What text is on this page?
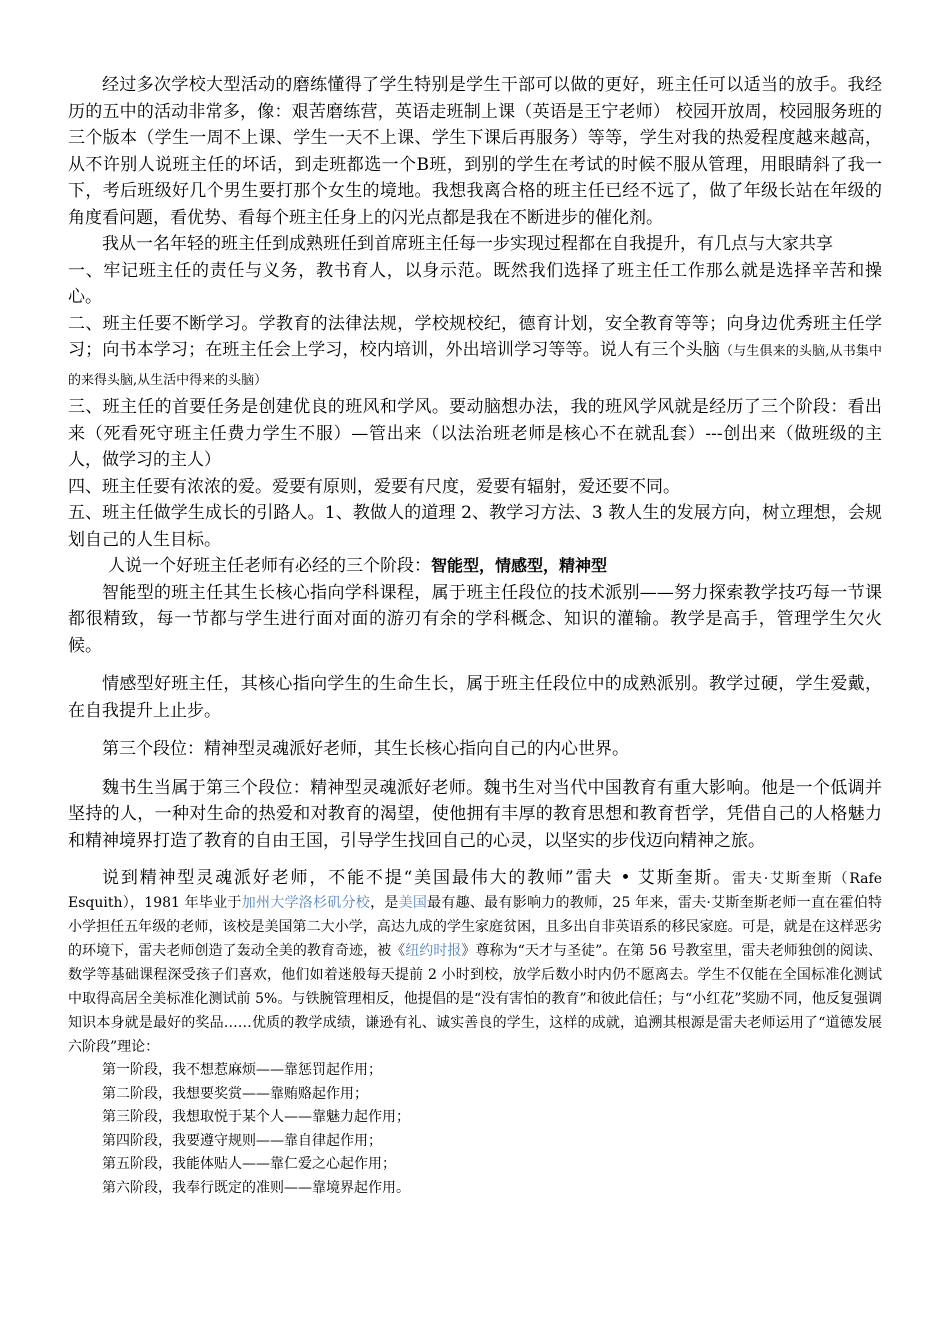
经过多次学校大型活动的磨练懂得了学生特别是学生干部可以做的更好，班主任可以适当的放手。我经历的五中的活动非常多，像：艰苦磨练营，英语走班制上课（英语是王宁老师） 校园开放周，校园服务班的三个版本（学生一周不上课、学生一天不上课、学生下课后再服务）等等，学生对我的热爱程度越来越高，从不许别人说班主任的坏话，到走班都选一个B班，到别的学生在考试的时候不服从管理，用眼睛斜了我一下，考后班级好几个男生要打那个女生的境地。我想我离合格的班主任已经不远了，做了年级长站在年级的角度看问题，看优势、看每个班主任身上的闪光点都是我在不断进步的催化剂。

我从一名年轻的班主任到成熟班任到首席班主任每一步实现过程都在自我提升，有几点与大家共享

一、牢记班主任的责任与义务，教书育人，以身示范。既然我们选择了班主任工作那么就是选择辛苦和操心。

二、班主任要不断学习。学教育的法律法规，学校规校纪，德育计划，安全教育等等；向身边优秀班主任学习；向书本学习；在班主任会上学习，校内培训，外出培训学习等等。说人有三个头脑（与生俱来的头脑,从书集中的来得头脑,从生活中得来的头脑）

三、班主任的首要任务是创建优良的班风和学风。要动脑想办法，我的班风学风就是经历了三个阶段：看出来（死看死守班主任费力学生不服）—管出来（以法治班老师是核心不在就乱套）---创出来（做班级的主人，做学习的主人）

四、班主任要有浓浓的爱。爱要有原则，爱要有尺度，爱要有辐射，爱还要不同。

五、班主任做学生成长的引路人。1、教做人的道理 2、教学习方法、3 教人生的发展方向，树立理想，会规划自己的人生目标。

人说一个好班主任老师有必经的三个阶段：智能型，情感型，精神型

智能型的班主任其生长核心指向学科课程，属于班主任段位的技术派别——努力探索教学技巧每一节课都很精致，每一节都与学生进行面对面的游刃有余的学科概念、知识的灌输。教学是高手，管理学生欠火候。

情感型好班主任，其核心指向学生的生命生长，属于班主任段位中的成熟派别。教学过硬，学生爱戴，在自我提升上止步。

第三个段位：精神型灵魂派好老师，其生长核心指向自己的内心世界。

魏书生当属于第三个段位：精神型灵魂派好老师。魏书生对当代中国教育有重大影响。他是一个低调并坚持的人，一种对生命的热爱和对教育的渴望，使他拥有丰厚的教育思想和教育哲学，凭借自己的人格魅力和精神境界打造了教育的自由王国，引导学生找回自己的心灵，以坚实的步伐迈向精神之旅。

说到精神型灵魂派好老师，不能不提“美国最伟大的教师”雷夫 • 艾斯奎斯。雷夫·艾斯奎斯（Rafe Esquith），1981 年毕业于加州大学洛杉矶分校，是美国最有趣、最有影响力的教师，25 年来，雷夫·艾斯奎斯老师一直在霍伯特小学担任五年级的老师，该校是美国第二大小学，高达九成的学生家庭贫困，且多出自非英语系的移民家庭。可是，就是在这样恶劣的环境下，雷夫老师创造了轰动全美的教育奇迹，被《纽约时报》尊称为“天才与圣徒”。在第 56 号教室里，雷夫老师独创的阅读、数学等基础课程深受孩子们喜欢，他们如着迷般每天提前 2 小时到校，放学后数小时内仍不愿离去。学生不仅能在全国标准化测试中取得高居全美标准化测试前 5%。与铁腕管理相反，他提倡的是“没有害怕的教育”和彼此信任；与“小红花”奖励不同，他反复强调知识本身就是最好的奖品……优质的教学成绩，谦逊有礼、诚实善良的学生，这样的成就，追溯其根源是雷夫老师运用了“道德发展六阶段”理论：

第一阶段，我不想惹麻烦——靠惩罚起作用；

第二阶段，我想要奖赏——靠贿赂起作用；

第三阶段，我想取悦于某个人——靠魅力起作用；

第四阶段，我要遵守规则——靠自律起作用；

第五阶段，我能体贴人——靠仁爱之心起作用；

第六阶段，我奉行既定的准则——靠境界起作用。
